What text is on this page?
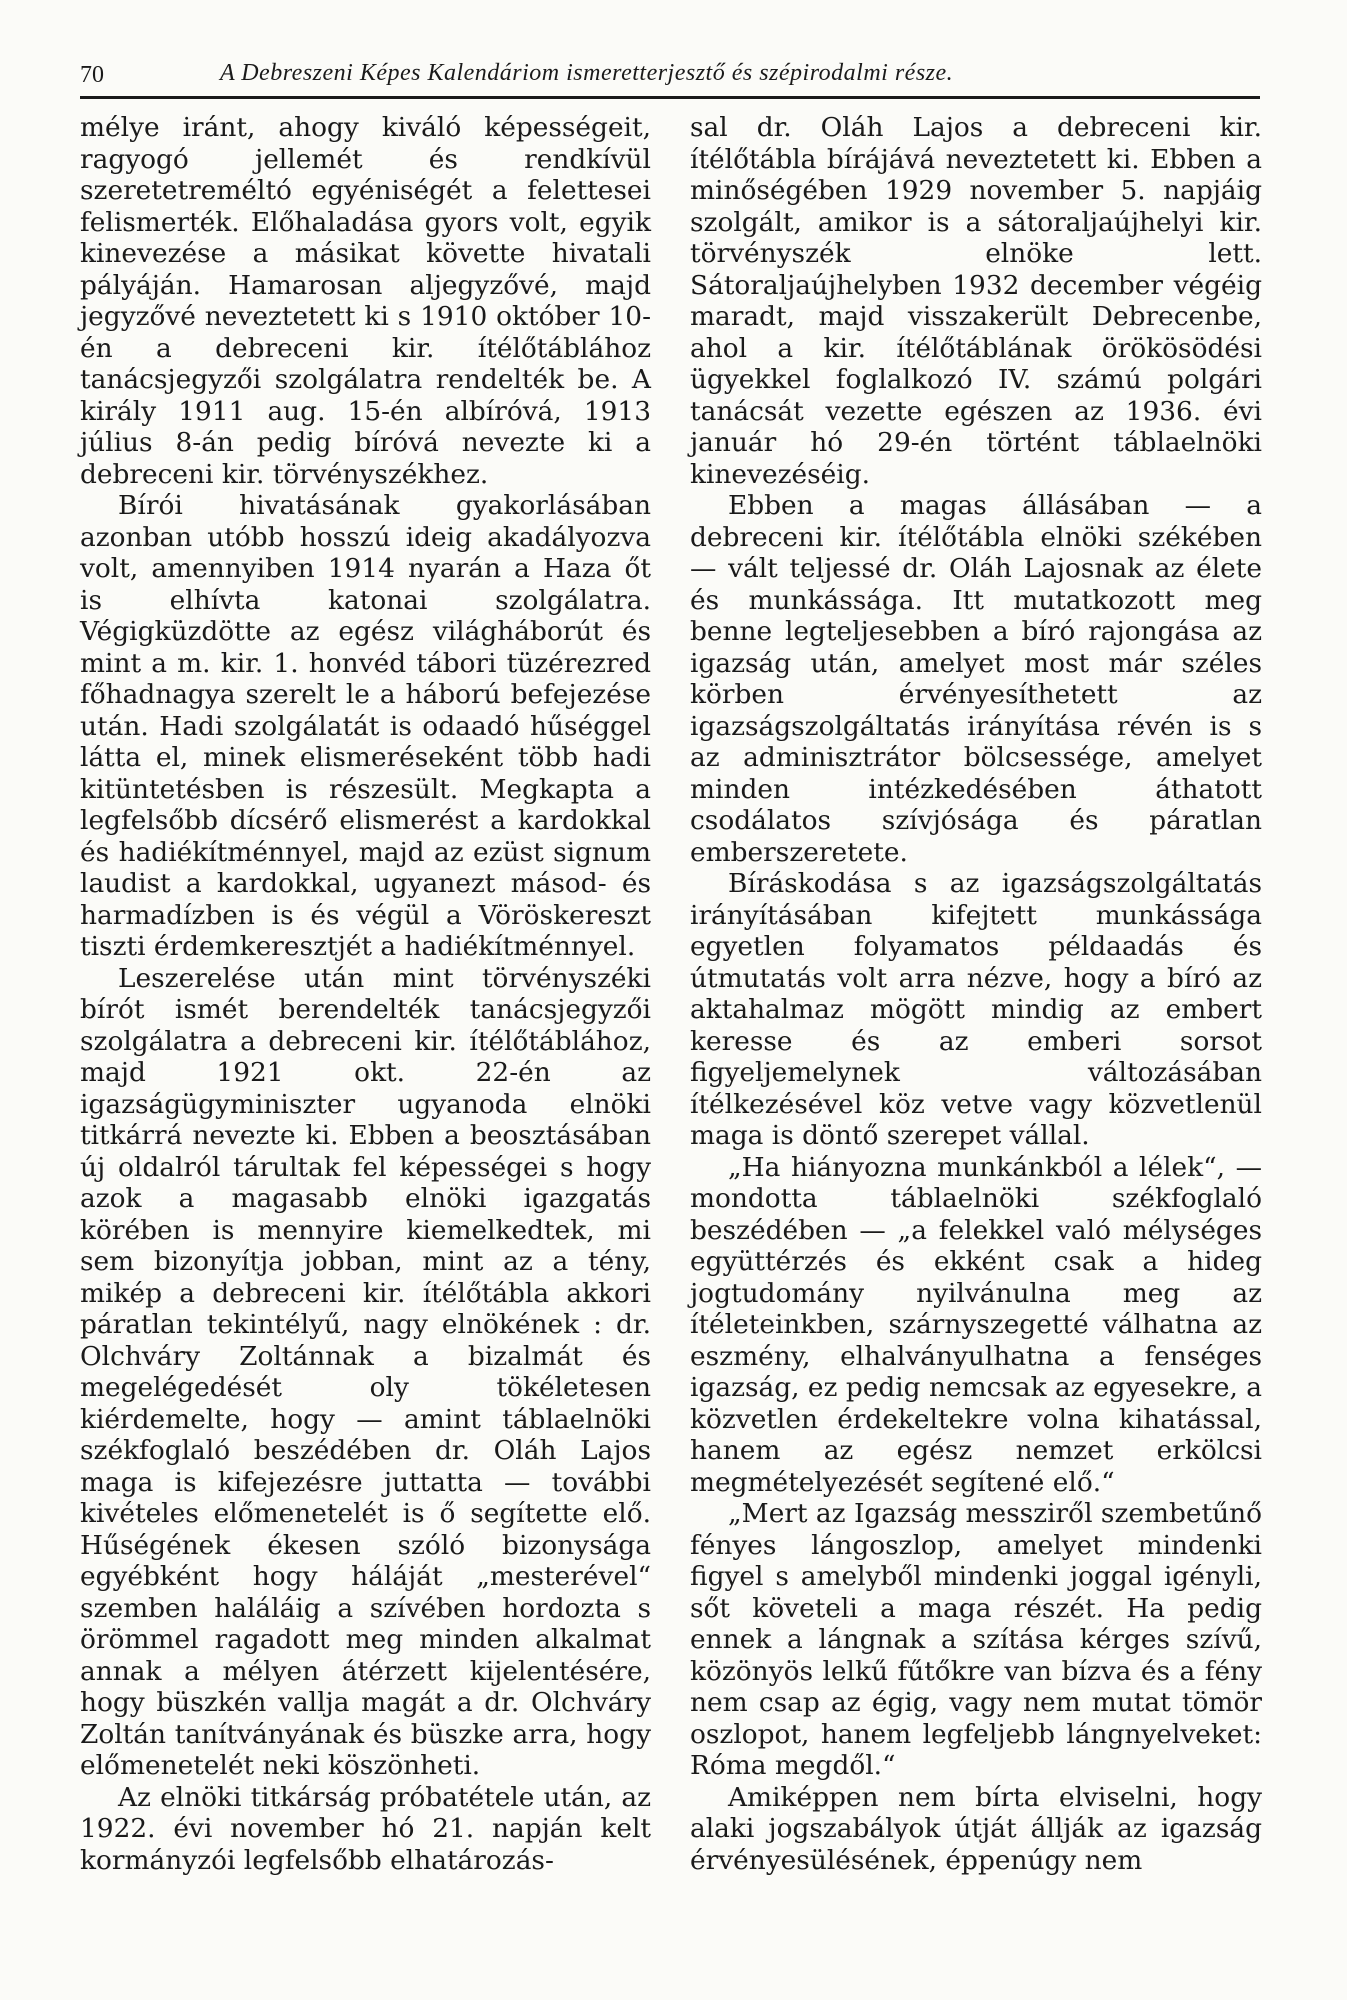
70	A Debreszeni Képes Kalendáriom ismeretterjesztő és szépirodalmi része.

mélye iránt, ahogy kiváló képességeit, ragyogó jellemét és rendkívül szeretetreméltó egyéniségét a felettesei felismerték. Előhaladása gyors volt, egyik kinevezése a másikat követte hivatali pályáján. Hamarosan aljegyzővé, majd jegyzővé neveztetett ki s 1910 október 10-én a debreceni kir. ítélőtáblához tanácsjegyzői szolgálatra rendelték be. A király 1911 aug. 15-én albíróvá, 1913 július 8-án pedig bíróvá nevezte ki a debreceni kir. törvényszékhez.

Bírói hivatásának gyakorlásában azonban utóbb hosszú ideig akadályozva volt, amennyiben 1914 nyarán a Haza őt is elhívta katonai szolgálatra. Végigküzdötte az egész világháborút és mint a m. kir. 1. honvéd tábori tüzérezred főhadnagya szerelt le a háború befejezése után. Hadi szolgálatát is odaadó hűséggel látta el, minek elismeréseként több hadi kitüntetésben is részesült. Megkapta a legfelsőbb dícsérő elismerést a kardokkal és hadiékítménnyel, majd az ezüst signum laudist a kardokkal, ugyanezt másod- és harmadízben is és végül a Vöröskereszt tiszti érdemkeresztjét a hadiékítménnyel.

Leszerelése után mint törvényszéki bírót ismét berendelték tanácsjegyzői szolgálatra a debreceni kir. ítélőtáblához, majd 1921 okt. 22-én az igazságügyminiszter ugyanoda elnöki titkárrá nevezte ki. Ebben a beosztásában új oldalról tárultak fel képességei s hogy azok a magasabb elnöki igazgatás körében is mennyire kiemelkedtek, mi sem bizonyítja jobban, mint az a tény, mikép a debreceni kir. ítélőtábla akkori páratlan tekintélyű, nagy elnökének : dr. Olchváry Zoltánnak a bizalmát és megelégedését oly tökéletesen kiérdemelte, hogy — amint táblaelnöki székfoglaló beszédében dr. Oláh Lajos maga is kifejezésre juttatta — további kivételes előmenetelét is ő segítette elő. Hűségének ékesen szóló bizonysága egyébként hogy háláját „mesterével“ szemben haláláig a szívében hordozta s örömmel ragadott meg minden alkalmat annak a mélyen átérzett kijelentésére, hogy büszkén vallja magát a dr. Olchváry Zoltán tanítványának és büszke arra, hogy előmenetelét neki köszönheti.

Az elnöki titkárság próbatétele után, az 1922. évi november hó 21. napján kelt kormányzói legfelsőbb elhatározás-

sal dr. Oláh Lajos a debreceni kir. ítélőtábla bírájává neveztetett ki. Ebben a minőségében 1929 november 5. napjáig szolgált, amikor is a sátoraljaújhelyi kir. törvényszék elnöke lett. Sátoraljaújhelyben 1932 december végéig maradt, majd visszakerült Debrecenbe, ahol a kir. ítélőtáblának örökösödési ügyekkel foglalkozó IV. számú polgári tanácsát vezette egészen az 1936. évi január hó 29-én történt táblaelnöki kinevezéséig.

Ebben a magas állásában — a debreceni kir. ítélőtábla elnöki székében — vált teljessé dr. Oláh Lajosnak az élete és munkássága. Itt mutatkozott meg benne legteljesebben a bíró rajongása az igazság után, amelyet most már széles körben érvényesíthetett az igazságszolgáltatás irányítása révén is s az adminisztrátor bölcsessége, amelyet minden intézkedésében áthatott csodálatos szívjósága és páratlan emberszeretete.

Bíráskodása s az igazságszolgáltatás irányításában kifejtett munkássága egyetlen folyamatos példaadás és útmutatás volt arra nézve, hogy a bíró az aktahalmaz mögött mindig az embert keresse és az emberi sorsot figyeljemelynek változásában ítélkezésével köz vetve vagy közvetlenül maga is döntő szerepet vállal.

„Ha hiányozna munkánkból a lélek“, — mondotta táblaelnöki székfoglaló beszédében — „a felekkel való mélységes együttérzés és ekként csak a hideg jogtudomány nyilvánulna meg az ítéleteinkben, szárnyszegetté válhatna az eszmény, elhalványulhatna a fenséges igazság, ez pedig nemcsak az egyesekre, a közvetlen érdekeltekre volna kihatással, hanem az egész nemzet erkölcsi megmételyezését segítené elő.“

„Mert az Igazság messziről szembetűnő fényes lángoszlop, amelyet mindenki figyel s amelyből mindenki joggal igényli, sőt követeli a maga részét. Ha pedig ennek a lángnak a szítása kérges szívű, közönyös lelkű fűtőkre van bízva és a fény nem csap az égig, vagy nem mutat tömör oszlopot, hanem legfeljebb lángnyelveket: Róma megdől.“

Amiképpen nem bírta elviselni, hogy alaki jogszabályok útját állják az igazság érvényesülésének, éppenúgy nem
